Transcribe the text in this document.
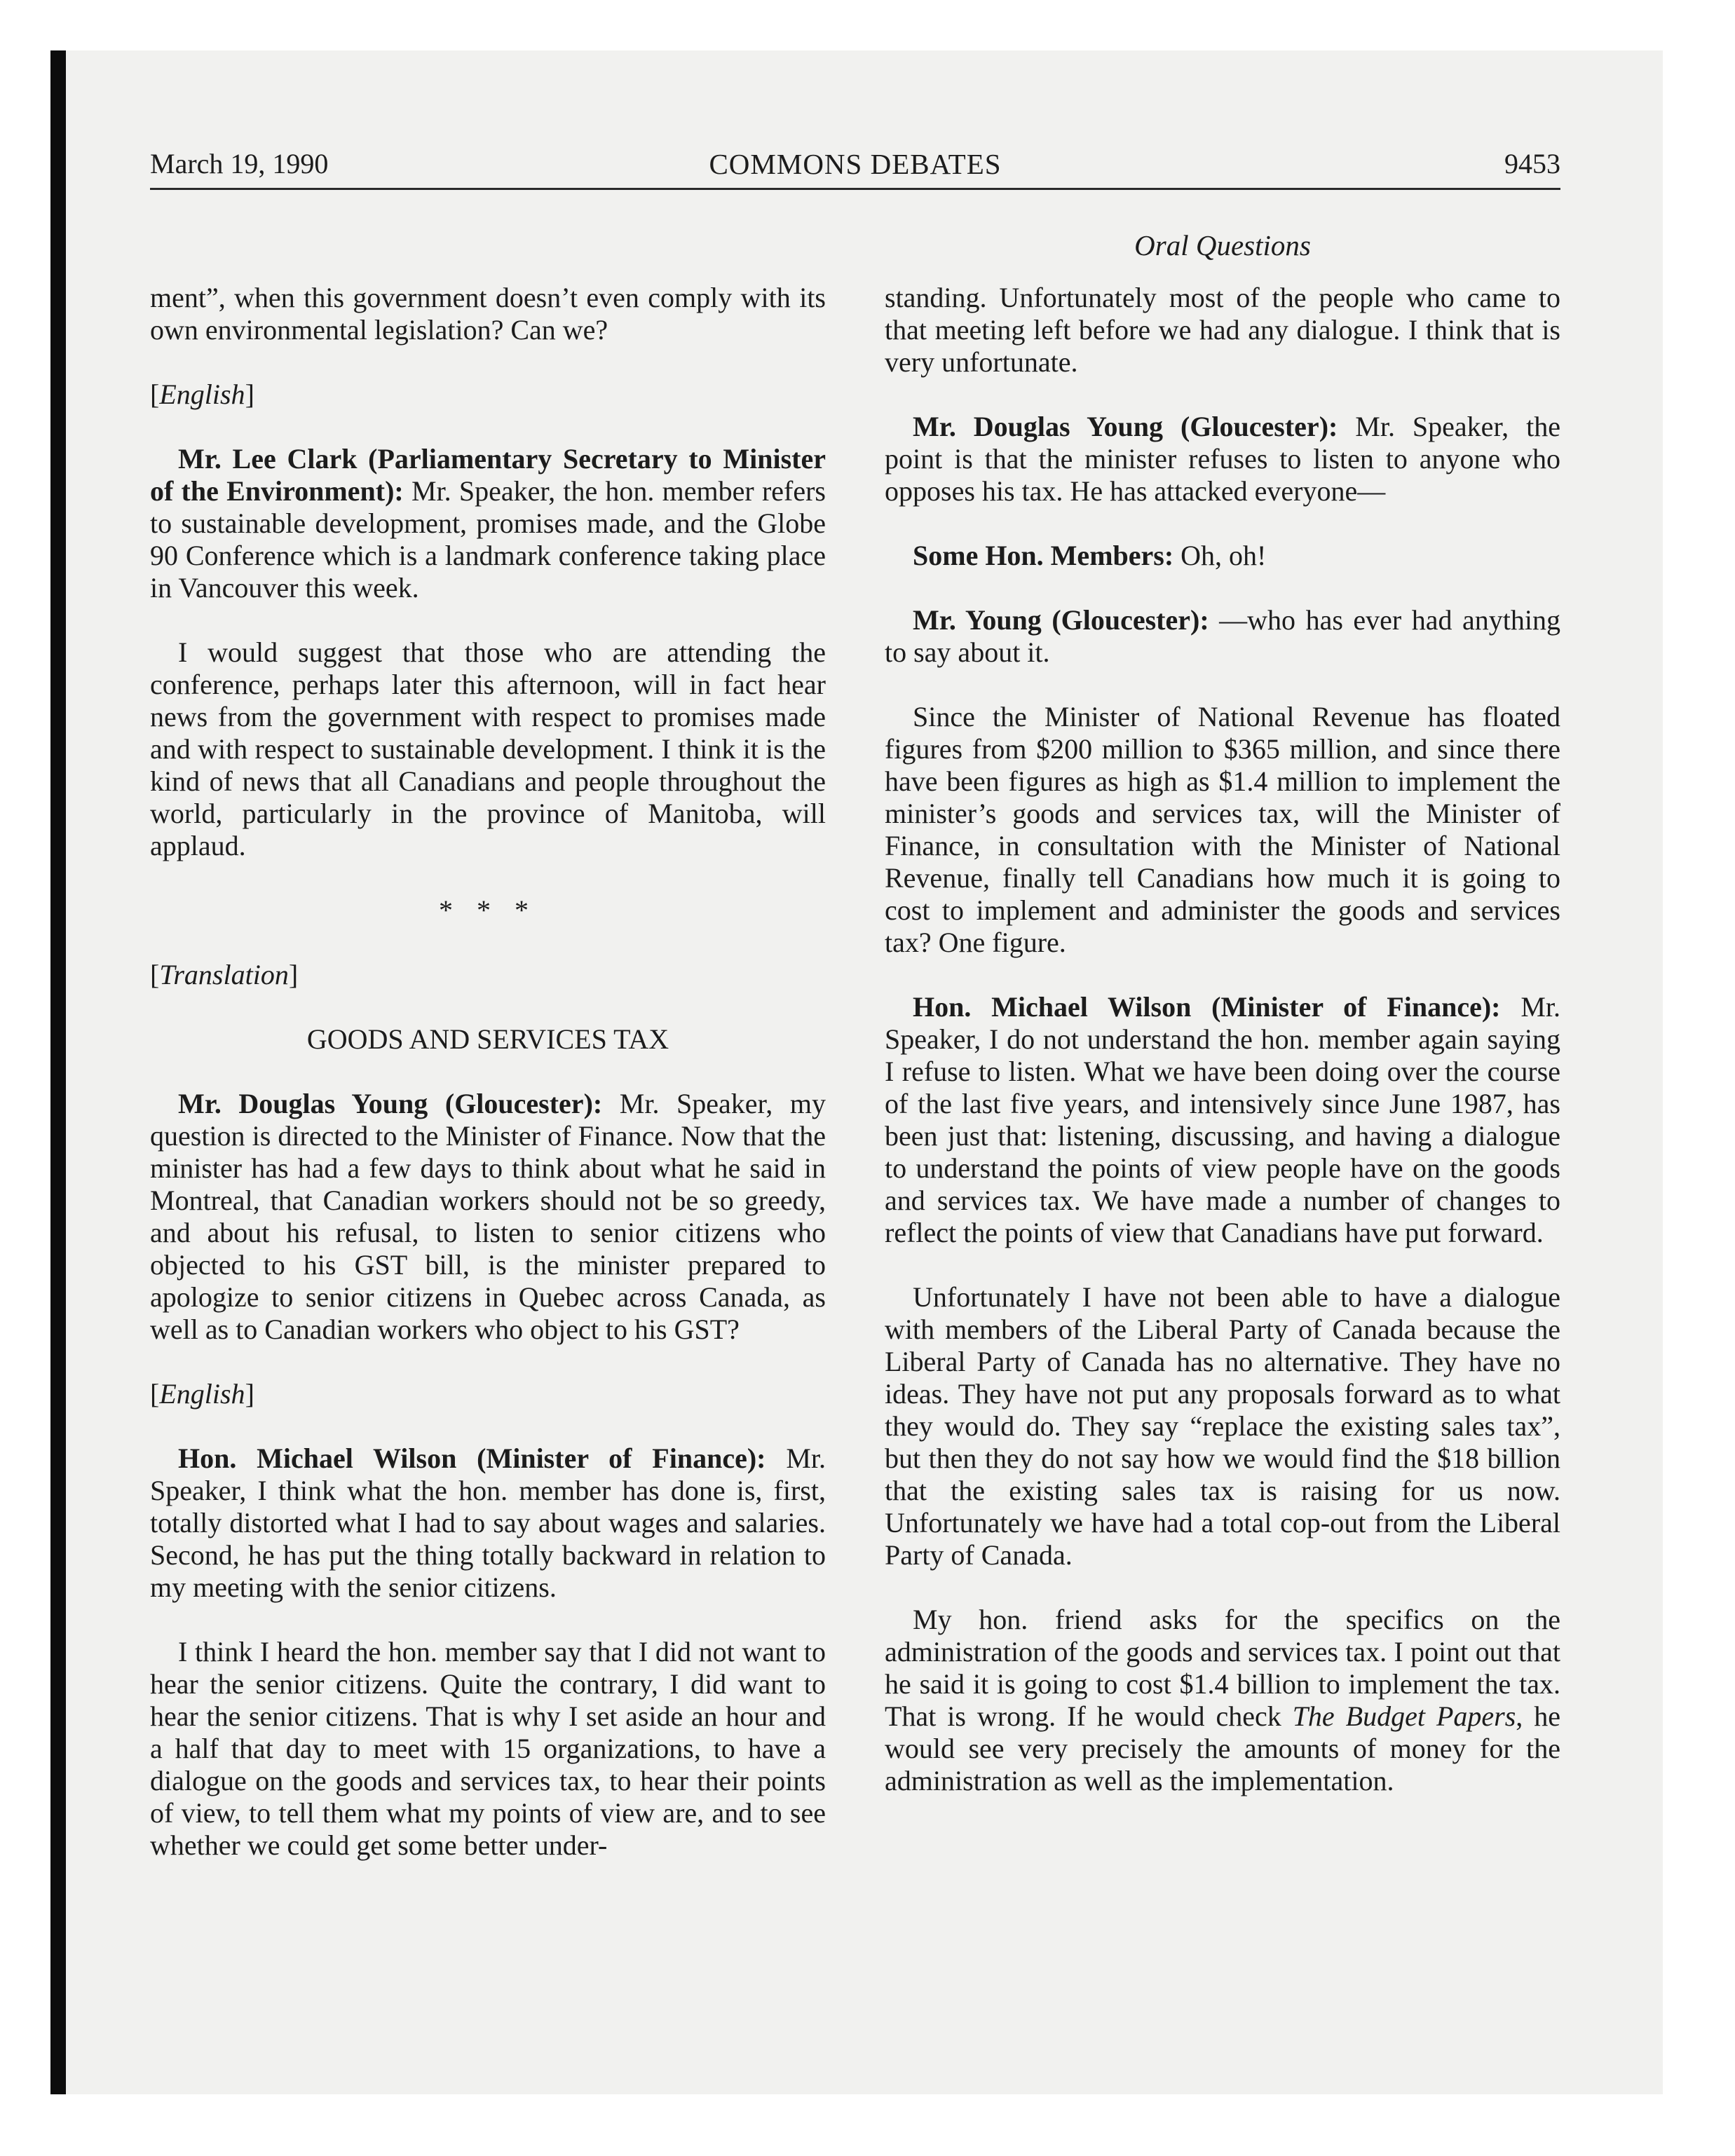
March 19, 1990	COMMONS DEBATES	9453
Oral Questions

ment”, when this government doesn’t even comply with its own environmental legislation? Can we?

[English]

Mr. Lee Clark (Parliamentary Secretary to Minister of the Environment): Mr. Speaker, the hon. member refers to sustainable development, promises made, and the Globe 90 Conference which is a landmark conference taking place in Vancouver this week.

I would suggest that those who are attending the conference, perhaps later this afternoon, will in fact hear news from the government with respect to promises made and with respect to sustainable development. I think it is the kind of news that all Canadians and people throughout the world, particularly in the province of Manitoba, will applaud.

* * *
[Translation]
GOODS AND SERVICES TAX

Mr. Douglas Young (Gloucester): Mr. Speaker, my question is directed to the Minister of Finance. Now that the minister has had a few days to think about what he said in Montreal, that Canadian workers should not be so greedy, and about his refusal, to listen to senior citizens who objected to his GST bill, is the minister prepared to apologize to senior citizens in Quebec across Canada, as well as to Canadian workers who object to his GST?

[English]

Hon. Michael Wilson (Minister of Finance): Mr. Speaker, I think what the hon. member has done is, first, totally distorted what I had to say about wages and salaries. Second, he has put the thing totally backward in relation to my meeting with the senior citizens.

I think I heard the hon. member say that I did not want to hear the senior citizens. Quite the contrary, I did want to hear the senior citizens. That is why I set aside an hour and a half that day to meet with 15 organizations, to have a dialogue on the goods and services tax, to hear their points of view, to tell them what my points of view are, and to see whether we could get some better under-

standing. Unfortunately most of the people who came to that meeting left before we had any dialogue. I think that is very unfortunate.

Mr. Douglas Young (Gloucester): Mr. Speaker, the point is that the minister refuses to listen to anyone who opposes his tax. He has attacked everyone—

Some Hon. Members: Oh, oh!

Mr. Young (Gloucester): —who has ever had anything to say about it.

Since the Minister of National Revenue has floated figures from $200 million to $365 million, and since there have been figures as high as $1.4 million to implement the minister’s goods and services tax, will the Minister of Finance, in consultation with the Minister of National Revenue, finally tell Canadians how much it is going to cost to implement and administer the goods and services tax? One figure.

Hon. Michael Wilson (Minister of Finance): Mr. Speaker, I do not understand the hon. member again saying I refuse to listen. What we have been doing over the course of the last five years, and intensively since June 1987, has been just that: listening, discussing, and having a dialogue to understand the points of view people have on the goods and services tax. We have made a number of changes to reflect the points of view that Canadians have put forward.

Unfortunately I have not been able to have a dialogue with members of the Liberal Party of Canada because the Liberal Party of Canada has no alternative. They have no ideas. They have not put any proposals forward as to what they would do. They say “replace the existing sales tax”, but then they do not say how we would find the $18 billion that the existing sales tax is raising for us now. Unfortunately we have had a total cop-out from the Liberal Party of Canada.

My hon. friend asks for the specifics on the administration of the goods and services tax. I point out that he said it is going to cost $1.4 billion to implement the tax. That is wrong. If he would check The Budget Papers, he would see very precisely the amounts of money for the administration as well as the implementation.
